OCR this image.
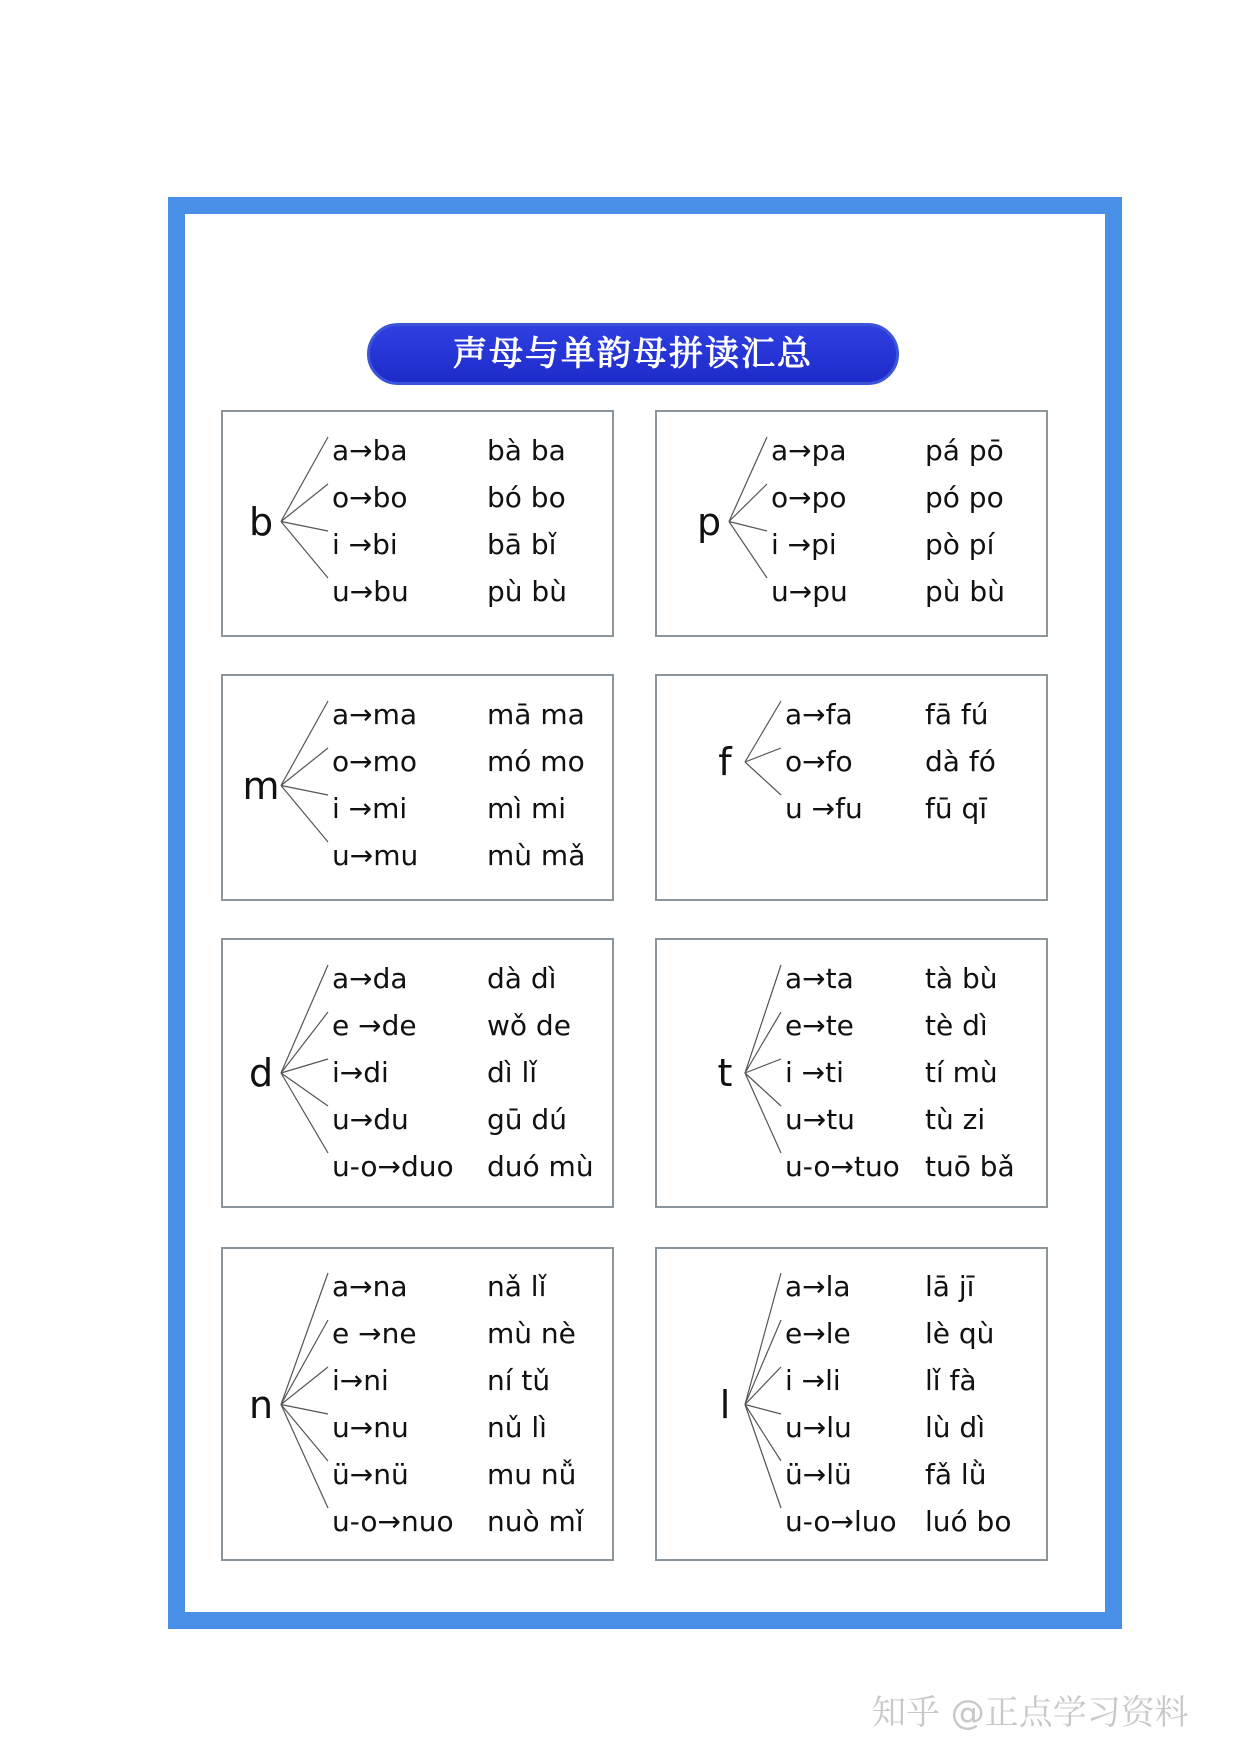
声母与单韵母拼读汇总
b
a→ba	bà ba
o→bo	bó bo
i →bi	bā bǐ
u→bu	pù bù
p
a→pa	pá pō
o→po	pó po
i →pi	pò pí
u→pu	pù bù
m
a→ma mā ma
o→mo	mó mo
i →mi	mì mi
u→mu mù mǎ
f
a→fa	fā fú
o→fo	dà fó
u →fu fū qī
d
a→da	dà dì
e →de	wǒ de
i→di	dì lǐ
u→du	gū dú
u-o→duo duó mù
t
a→ta	tà bù
e→te	tè dì
i →ti	tí mù
u→tu	tù zi
u-o→tuo tuō bǎ
n
a→na	nǎ lǐ
e →ne	mù nè
i→ni	ní tǔ
u→nu	nǔ lì
ü→nü	mu nǚ
u-o→nuo nuò mǐ
l
a→la	lā jī
e→le	lè qù
i →li	lǐ fà
u→lu	lù dì
ü→lü	fǎ lǜ
u-o→luo luó bo
知乎 @正点学习资料
